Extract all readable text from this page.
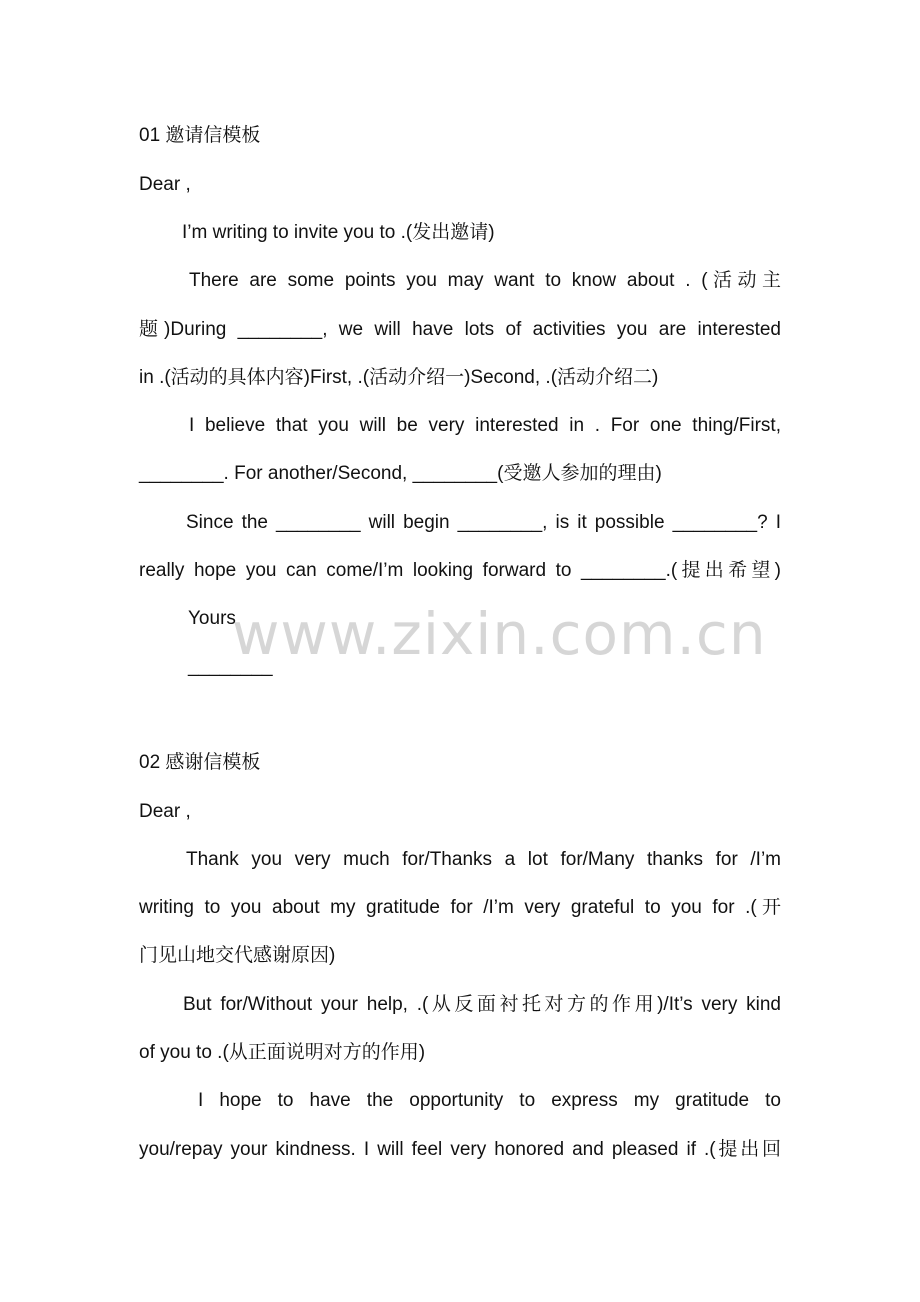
01 邀请信模板
Dear ,
I’m writing to invite you to .(发出邀请)
There are some points you may want to know about . (活动主
题)During ________, we will have lots of activities you are interested
in .(活动的具体内容)First, .(活动介绍一)Second, .(活动介绍二)
I believe that you will be very interested in . For one thing/First,
________. For another/Second, ________(受邀人参加的理由)
Since the ________ will begin ________, is it possible ________? I
really hope you can come/I’m looking forward to ________.(提出希望)
Yours
________
02 感谢信模板
Dear ,
Thank you very much for/Thanks a lot for/Many thanks for /I’m
writing to you about my gratitude for /I’m very grateful to you for .(开
门见山地交代感谢原因)
But for/Without your help, .(从反面衬托对方的作用)/It’s very kind
of you to .(从正面说明对方的作用)
I hope to have the opportunity to express my gratitude to
you/repay your kindness. I will feel very honored and pleased if .(提出回
www.zixin.com.cn
